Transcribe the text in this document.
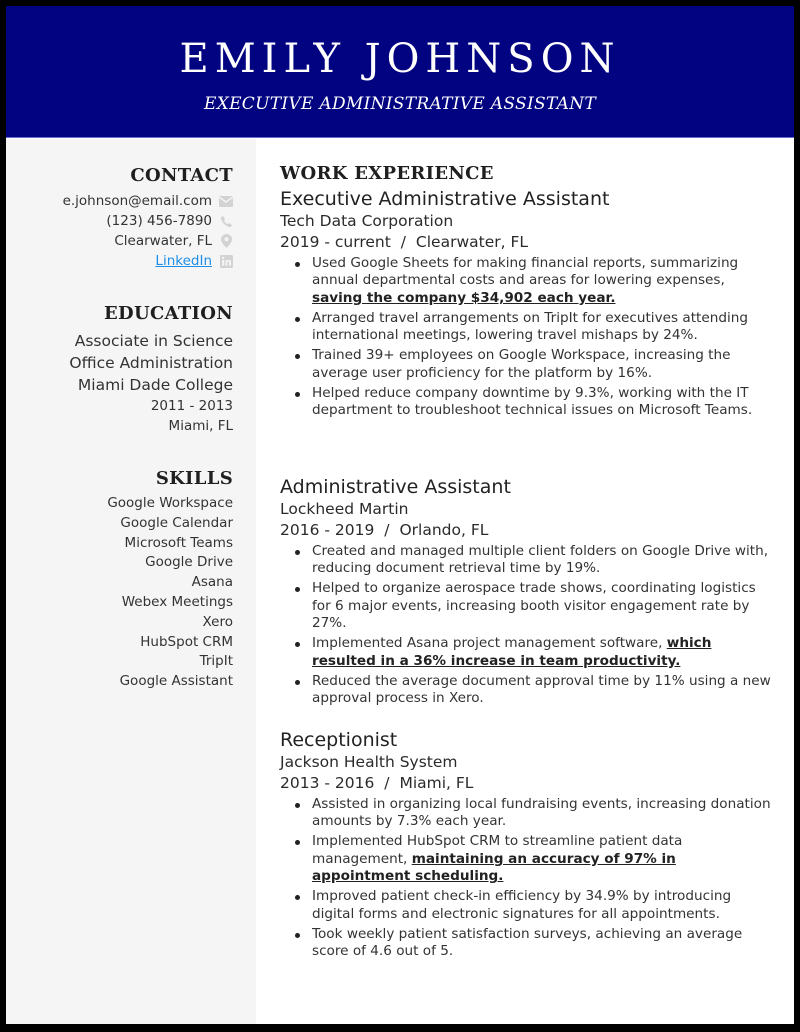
EMILY JOHNSON
EXECUTIVE ADMINISTRATIVE ASSISTANT
CONTACT
e.johnson@email.com
(123) 456-7890
Clearwater, FL
LinkedIn
EDUCATION
Associate in Science
Office Administration
Miami Dade College
2011 - 2013
Miami, FL
SKILLS
Google Workspace
Google Calendar
Microsoft Teams
Google Drive
Asana
Webex Meetings
Xero
HubSpot CRM
TripIt
Google Assistant
WORK EXPERIENCE
Executive Administrative Assistant
Tech Data Corporation
2019 - current / Clearwater, FL
Used Google Sheets for making financial reports, summarizing annual departmental costs and areas for lowering expenses, saving the company $34,902 each year.
Arranged travel arrangements on TripIt for executives attending international meetings, lowering travel mishaps by 24%.
Trained 39+ employees on Google Workspace, increasing the average user proficiency for the platform by 16%.
Helped reduce company downtime by 9.3%, working with the IT department to troubleshoot technical issues on Microsoft Teams.
Administrative Assistant
Lockheed Martin
2016 - 2019 / Orlando, FL
Created and managed multiple client folders on Google Drive with, reducing document retrieval time by 19%.
Helped to organize aerospace trade shows, coordinating logistics for 6 major events, increasing booth visitor engagement rate by 27%.
Implemented Asana project management software, which resulted in a 36% increase in team productivity.
Reduced the average document approval time by 11% using a new approval process in Xero.
Receptionist
Jackson Health System
2013 - 2016 / Miami, FL
Assisted in organizing local fundraising events, increasing donation amounts by 7.3% each year.
Implemented HubSpot CRM to streamline patient data management, maintaining an accuracy of 97% in appointment scheduling.
Improved patient check-in efficiency by 34.9% by introducing digital forms and electronic signatures for all appointments.
Took weekly patient satisfaction surveys, achieving an average score of 4.6 out of 5.
